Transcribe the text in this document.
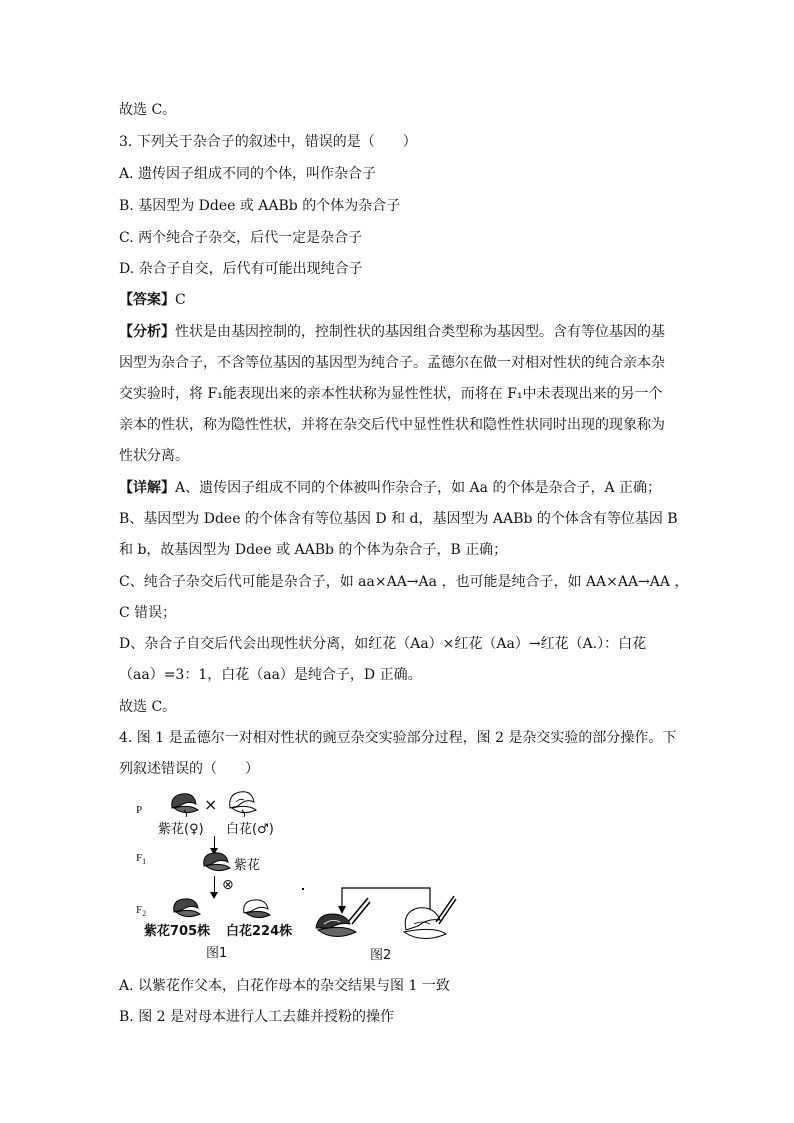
故选 C。
3. 下列关于杂合子的叙述中，错误的是（　　）
A. 遗传因子组成不同的个体，叫作杂合子
B. 基因型为 Ddee 或 AABb 的个体为杂合子
C. 两个纯合子杂交，后代一定是杂合子
D. 杂合子自交，后代有可能出现纯合子
【答案】C
【分析】性状是由基因控制的，控制性状的基因组合类型称为基因型。含有等位基因的基
因型为杂合子，不含等位基因的基因型为纯合子。孟德尔在做一对相对性状的纯合亲本杂
交实验时，将 F₁能表现出来的亲本性状称为显性性状，而将在 F₁中未表现出来的另一个
亲本的性状，称为隐性性状，并将在杂交后代中显性性状和隐性性状同时出现的现象称为
性状分离。
【详解】A、遗传因子组成不同的个体被叫作杂合子，如 Aa 的个体是杂合子，A 正确；
B、基因型为 Ddee 的个体含有等位基因 D 和 d，基因型为 AABb 的个体含有等位基因 B
和 b，故基因型为 Ddee 或 AABb 的个体为杂合子，B 正确；
C、纯合子杂交后代可能是杂合子，如 aa×AA→Aa ，也可能是纯合子，如 AA×AA→AA ，
C 错误；
D、杂合子自交后代会出现性状分离，如红花（Aa）×红花（Aa）→红花（A.）：白花
（aa）=3：1，白花（aa）是纯合子，D 正确。
故选 C。
4. 图 1 是孟德尔一对相对性状的豌豆杂交实验部分过程，图 2 是杂交实验的部分操作。下
列叙述错误的（　　）
P
$F_1$
$F_2$
×
紫花(♀) 白花(♂)
紫花
⊗
紫花705株 白花224株
图1	图2
A. 以紫花作父本，白花作母本的杂交结果与图 1 一致
B. 图 2 是对母本进行人工去雄并授粉的操作
